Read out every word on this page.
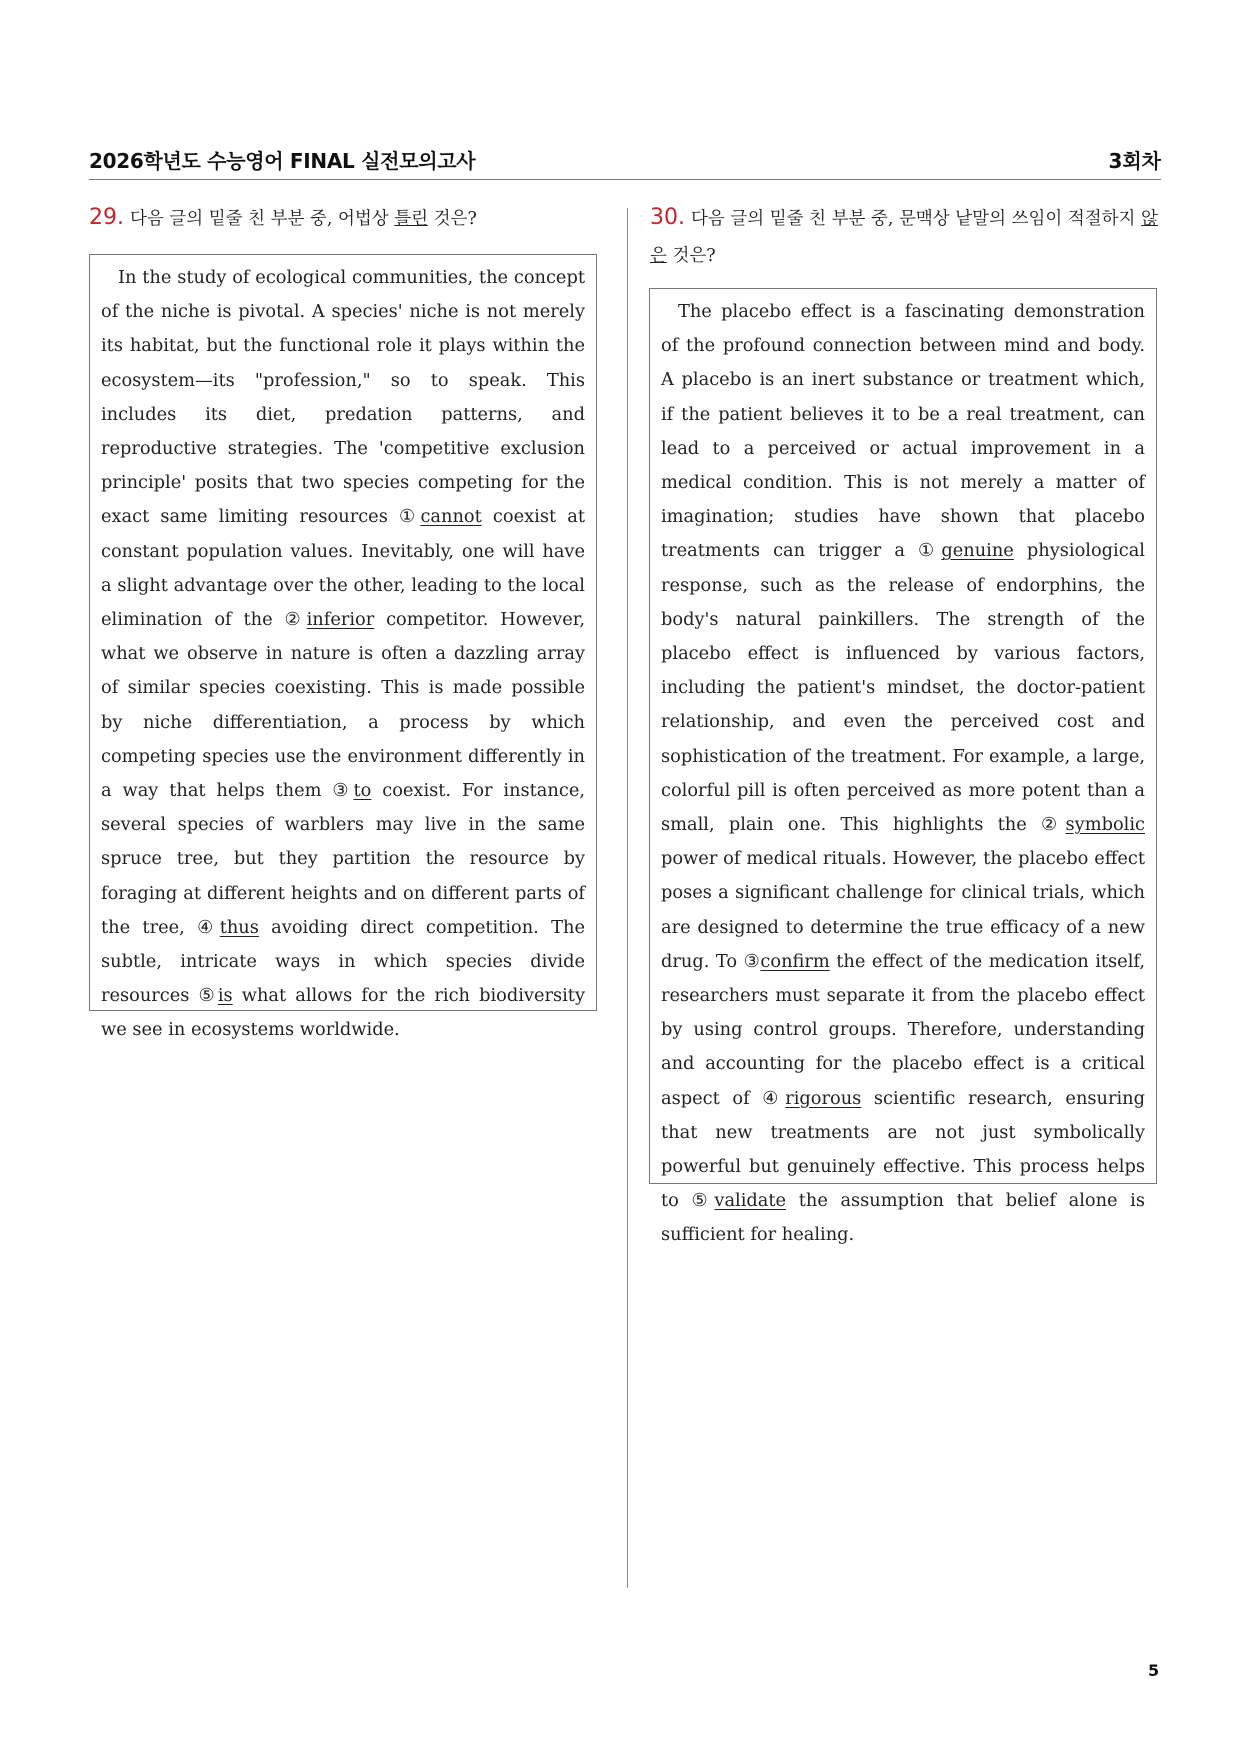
2026학년도 수능영어 FINAL 실전모의고사	3회차
29. 다음 글의 밑줄 친 부분 중, 어법상 틀린 것은?

In the study of ecological communities, the concept of the niche is pivotal. A species' niche is not merely its habitat, but the functional role it plays within the ecosystem—its "profession," so to speak. This includes its diet, predation patterns, and reproductive strategies. The 'competitive exclusion principle' posits that two species competing for the exact same limiting resources ①cannot coexist at constant population values. Inevitably, one will have a slight advantage over the other, leading to the local elimination of the ②inferior competitor. However, what we observe in nature is often a dazzling array of similar species coexisting. This is made possible by niche differentiation, a process by which competing species use the environment differently in a way that helps them ③to coexist. For instance, several species of warblers may live in the same spruce tree, but they partition the resource by foraging at different heights and on different parts of the tree, ④thus avoiding direct competition. The subtle, intricate ways in which species divide resources ⑤is what allows for the rich biodiversity we see in ecosystems worldwide.

30. 다음 글의 밑줄 친 부분 중, 문맥상 낱말의 쓰임이 적절하지 않은 것은?

The placebo effect is a fascinating demonstration of the profound connection between mind and body. A placebo is an inert substance or treatment which, if the patient believes it to be a real treatment, can lead to a perceived or actual improvement in a medical condition. This is not merely a matter of imagination; studies have shown that placebo treatments can trigger a ①genuine physiological response, such as the release of endorphins, the body's natural painkillers. The strength of the placebo effect is influenced by various factors, including the patient's mindset, the doctor-patient relationship, and even the perceived cost and sophistication of the treatment. For example, a large, colorful pill is often perceived as more potent than a small, plain one. This highlights the ②symbolic power of medical rituals. However, the placebo effect poses a significant challenge for clinical trials, which are designed to determine the true efficacy of a new drug. To ③confirm the effect of the medication itself, researchers must separate it from the placebo effect by using control groups. Therefore, understanding and accounting for the placebo effect is a critical aspect of ④rigorous scientific research, ensuring that new treatments are not just symbolically powerful but genuinely effective. This process helps to ⑤validate the assumption that belief alone is sufficient for healing.

5
